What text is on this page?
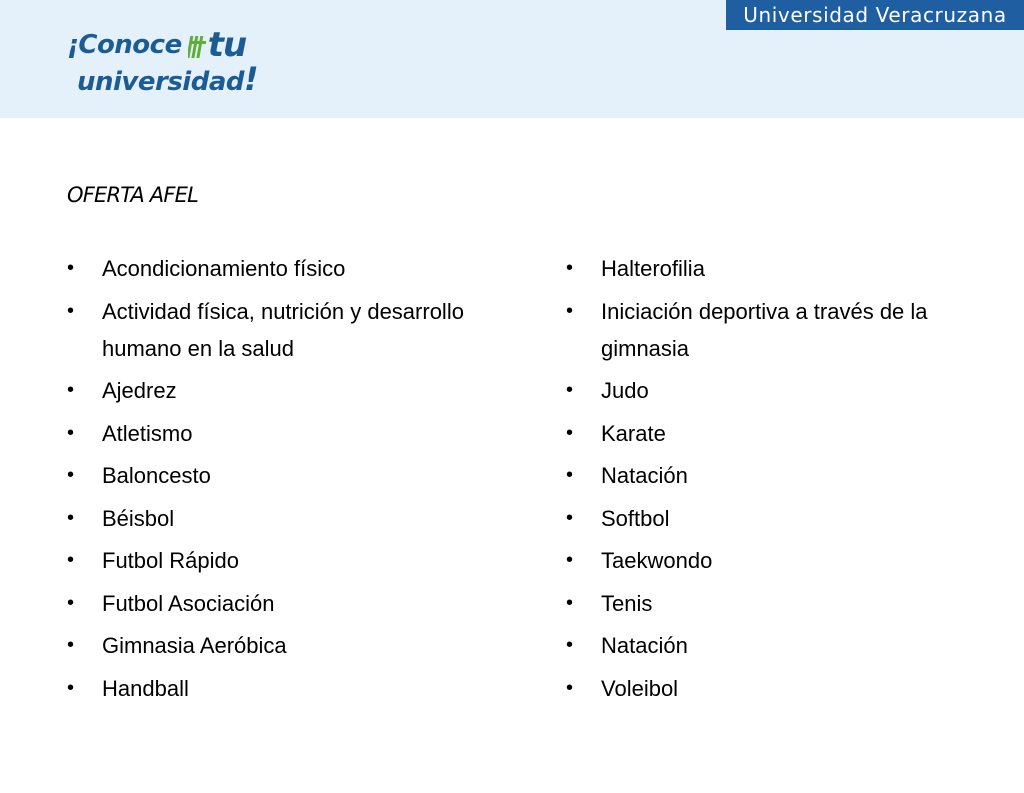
Universidad Veracruzana
¡Conoce tu
universidad!
OFERTA AFEL
• Acondicionamiento físico
• Actividad física, nutrición y desarrollo humano en la salud
• Ajedrez
• Atletismo
• Baloncesto
• Béisbol
• Futbol Rápido
• Futbol Asociación
• Gimnasia Aeróbica
• Handball
• Halterofilia
• Iniciación deportiva a través de la gimnasia
• Judo
• Karate
• Natación
• Softbol
• Taekwondo
• Tenis
• Natación
• Voleibol
